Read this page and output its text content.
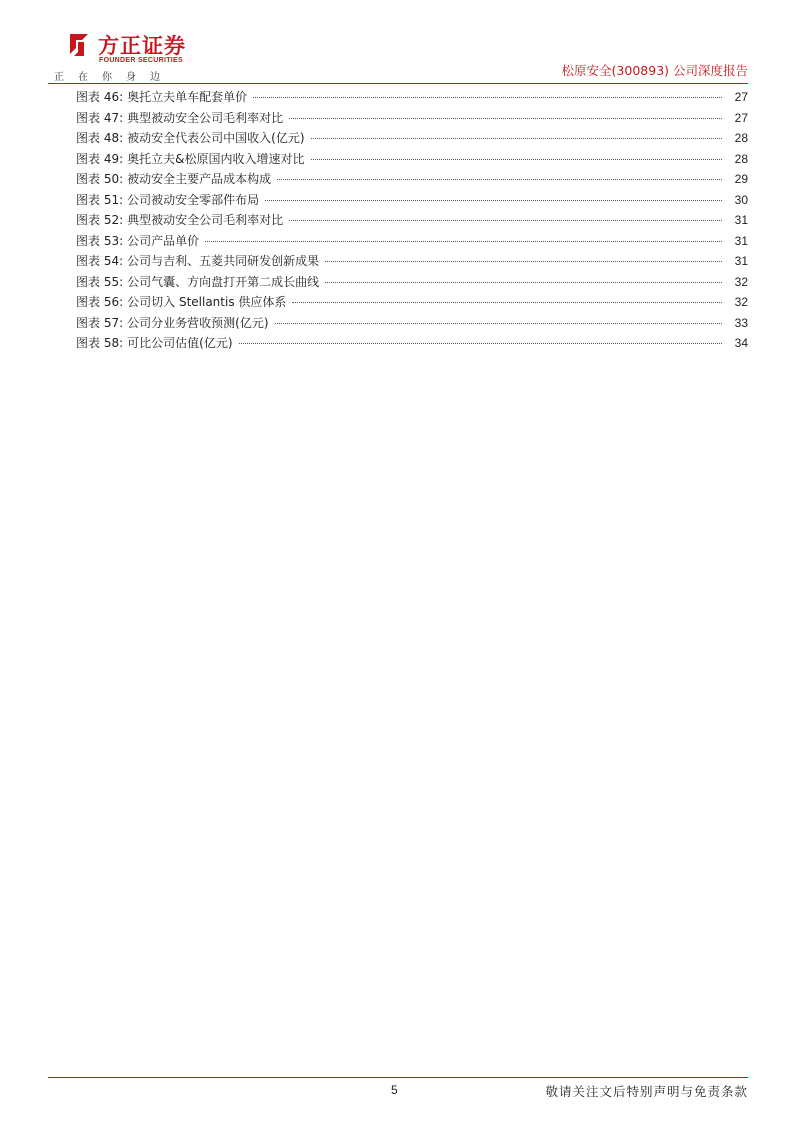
方正证券
FOUNDER SECURITIES
正在你身边	松原安全(300893) 公司深度报告
图表 46: 奥托立夫单车配套单价	27
图表 47: 典型被动安全公司毛利率对比	27
图表 48: 被动安全代表公司中国收入(亿元)	28
图表 49: 奥托立夫&松原国内收入增速对比	28
图表 50: 被动安全主要产品成本构成	29
图表 51: 公司被动安全零部件布局	30
图表 52: 典型被动安全公司毛利率对比	31
图表 53: 公司产品单价	31
图表 54: 公司与吉利、五菱共同研发创新成果	31
图表 55: 公司气囊、方向盘打开第二成长曲线	32
图表 56: 公司切入 Stellantis 供应体系	32
图表 57: 公司分业务营收预测(亿元)	33
图表 58: 可比公司估值(亿元)	34
5	敬请关注文后特别声明与免责条款
